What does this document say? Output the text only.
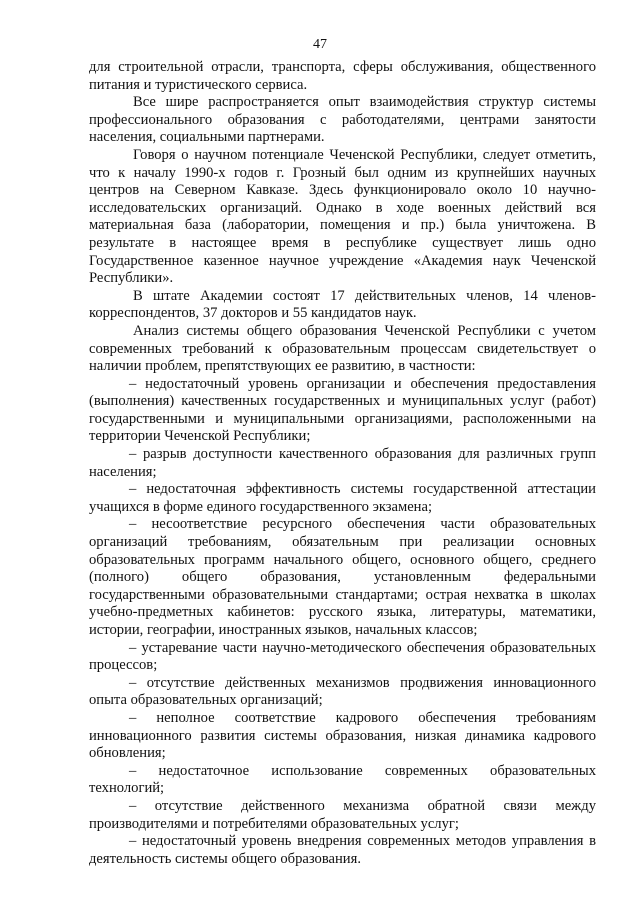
47

для строительной отрасли, транспорта, сферы обслуживания, общественного питания и туристического сервиса.

Все шире распространяется опыт взаимодействия структур системы профессионального образования с работодателями, центрами занятости населения, социальными партнерами.

Говоря о научном потенциале Чеченской Республики, следует отметить, что к началу 1990-х годов г. Грозный был одним из крупнейших научных центров на Северном Кавказе. Здесь функционировало около 10 научно-исследовательских организаций. Однако в ходе военных действий вся материальная база (лаборатории, помещения и пр.) была уничтожена. В результате в настоящее время в республике существует лишь одно Государственное казенное научное учреждение «Академия наук Чеченской Республики».

В штате Академии состоят 17 действительных членов, 14 членов-корреспондентов, 37 докторов и 55 кандидатов наук.

Анализ системы общего образования Чеченской Республики с учетом современных требований к образовательным процессам свидетельствует о наличии проблем, препятствующих ее развитию, в частности:

– недостаточный уровень организации и обеспечения предоставления (выполнения) качественных государственных и муниципальных услуг (работ) государственными и муниципальными организациями, расположенными на территории Чеченской Республики;

– разрыв доступности качественного образования для различных групп населения;

– недостаточная эффективность системы государственной аттестации учащихся в форме единого государственного экзамена;

– несоответствие ресурсного обеспечения части образовательных организаций требованиям, обязательным при реализации основных образовательных программ начального общего, основного общего, среднего (полного) общего образования, установленным федеральными государственными образовательными стандартами; острая нехватка в школах учебно-предметных кабинетов: русского языка, литературы, математики, истории, географии, иностранных языков, начальных классов;

– устаревание части научно-методического обеспечения образовательных процессов;

– отсутствие действенных механизмов продвижения инновационного опыта образовательных организаций;

– неполное соответствие кадрового обеспечения требованиям инновационного развития системы образования, низкая динамика кадрового обновления;

– недостаточное использование современных образовательных технологий;

– отсутствие действенного механизма обратной связи между производителями и потребителями образовательных услуг;

– недостаточный уровень внедрения современных методов управления в деятельность системы общего образования.
